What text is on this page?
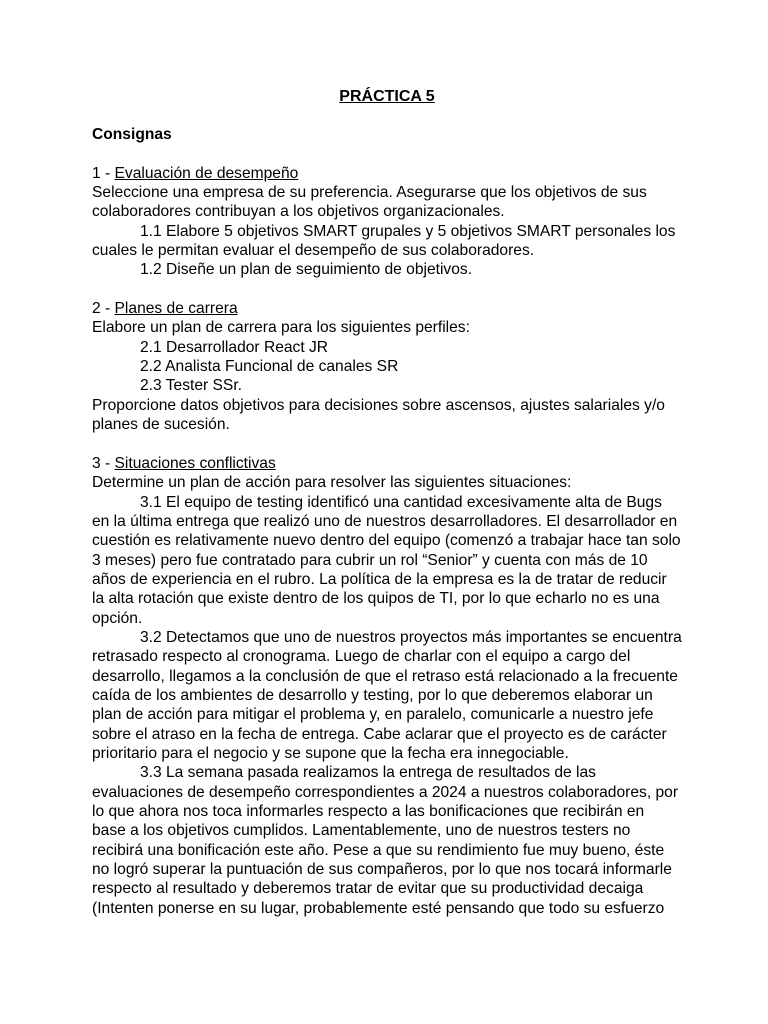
PRÁCTICA 5

Consignas

1 - Evaluación de desempeño

Seleccione una empresa de su preferencia. Asegurarse que los objetivos de sus colaboradores contribuyan a los objetivos organizacionales.

1.1 Elabore 5 objetivos SMART grupales y 5 objetivos SMART personales los cuales le permitan evaluar el desempeño de sus colaboradores.

1.2 Diseñe un plan de seguimiento de objetivos.

2 - Planes de carrera

Elabore un plan de carrera para los siguientes perfiles:

2.1 Desarrollador React JR

2.2 Analista Funcional de canales SR

2.3 Tester SSr.

Proporcione datos objetivos para decisiones sobre ascensos, ajustes salariales y/o planes de sucesión.

3 - Situaciones conflictivas

Determine un plan de acción para resolver las siguientes situaciones:

3.1 El equipo de testing identificó una cantidad excesivamente alta de Bugs en la última entrega que realizó uno de nuestros desarrolladores. El desarrollador en cuestión es relativamente nuevo dentro del equipo (comenzó a trabajar hace tan solo 3 meses) pero fue contratado para cubrir un rol “Senior” y cuenta con más de 10 años de experiencia en el rubro. La política de la empresa es la de tratar de reducir la alta rotación que existe dentro de los quipos de TI, por lo que echarlo no es una opción.

3.2 Detectamos que uno de nuestros proyectos más importantes se encuentra retrasado respecto al cronograma. Luego de charlar con el equipo a cargo del desarrollo, llegamos a la conclusión de que el retraso está relacionado a la frecuente caída de los ambientes de desarrollo y testing, por lo que deberemos elaborar un plan de acción para mitigar el problema y, en paralelo, comunicarle a nuestro jefe sobre el atraso en la fecha de entrega. Cabe aclarar que el proyecto es de carácter prioritario para el negocio y se supone que la fecha era innegociable.

3.3 La semana pasada realizamos la entrega de resultados de las evaluaciones de desempeño correspondientes a 2024 a nuestros colaboradores, por lo que ahora nos toca informarles respecto a las bonificaciones que recibirán en base a los objetivos cumplidos. Lamentablemente, uno de nuestros testers no recibirá una bonificación este año. Pese a que su rendimiento fue muy bueno, éste no logró superar la puntuación de sus compañeros, por lo que nos tocará informarle respecto al resultado y deberemos tratar de evitar que su productividad decaiga (Intenten ponerse en su lugar, probablemente esté pensando que todo su esfuerzo
